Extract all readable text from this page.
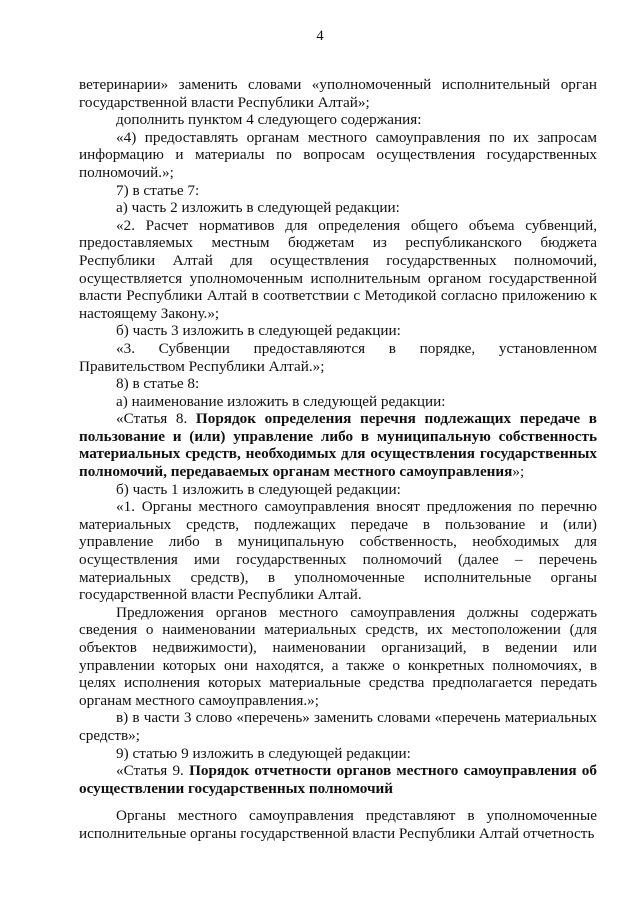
4

ветеринарии» заменить словами «уполномоченный исполнительный орган государственной власти Республики Алтай»;

дополнить пунктом 4 следующего содержания:

«4) предоставлять органам местного самоуправления по их запросам информацию и материалы по вопросам осуществления государственных полномочий.»;

7) в статье 7:

а) часть 2 изложить в следующей редакции:

«2. Расчет нормативов для определения общего объема субвенций, предоставляемых местным бюджетам из республиканского бюджета Республики Алтай для осуществления государственных полномочий, осуществляется уполномоченным исполнительным органом государственной власти Республики Алтай в соответствии с Методикой согласно приложению к настоящему Закону.»;

б) часть 3 изложить в следующей редакции:

«3. Субвенции предоставляются в порядке, установленном Правительством Республики Алтай.»;

8) в статье 8:

а) наименование изложить в следующей редакции:

«Статья 8. Порядок определения перечня подлежащих передаче в пользование и (или) управление либо в муниципальную собственность материальных средств, необходимых для осуществления государственных полномочий, передаваемых органам местного самоуправления»;

б) часть 1 изложить в следующей редакции:

«1. Органы местного самоуправления вносят предложения по перечню материальных средств, подлежащих передаче в пользование и (или) управление либо в муниципальную собственность, необходимых для осуществления ими государственных полномочий (далее – перечень материальных средств), в уполномоченные исполнительные органы государственной власти Республики Алтай.

Предложения органов местного самоуправления должны содержать сведения о наименовании материальных средств, их местоположении (для объектов недвижимости), наименовании организаций, в ведении или управлении которых они находятся, а также о конкретных полномочиях, в целях исполнения которых материальные средства предполагается передать органам местного самоуправления.»;

в) в части 3 слово «перечень» заменить словами «перечень материальных средств»;

9) статью 9 изложить в следующей редакции:

«Статья 9. Порядок отчетности органов местного самоуправления об осуществлении государственных полномочий

Органы местного самоуправления представляют в уполномоченные исполнительные органы государственной власти Республики Алтай отчетность
